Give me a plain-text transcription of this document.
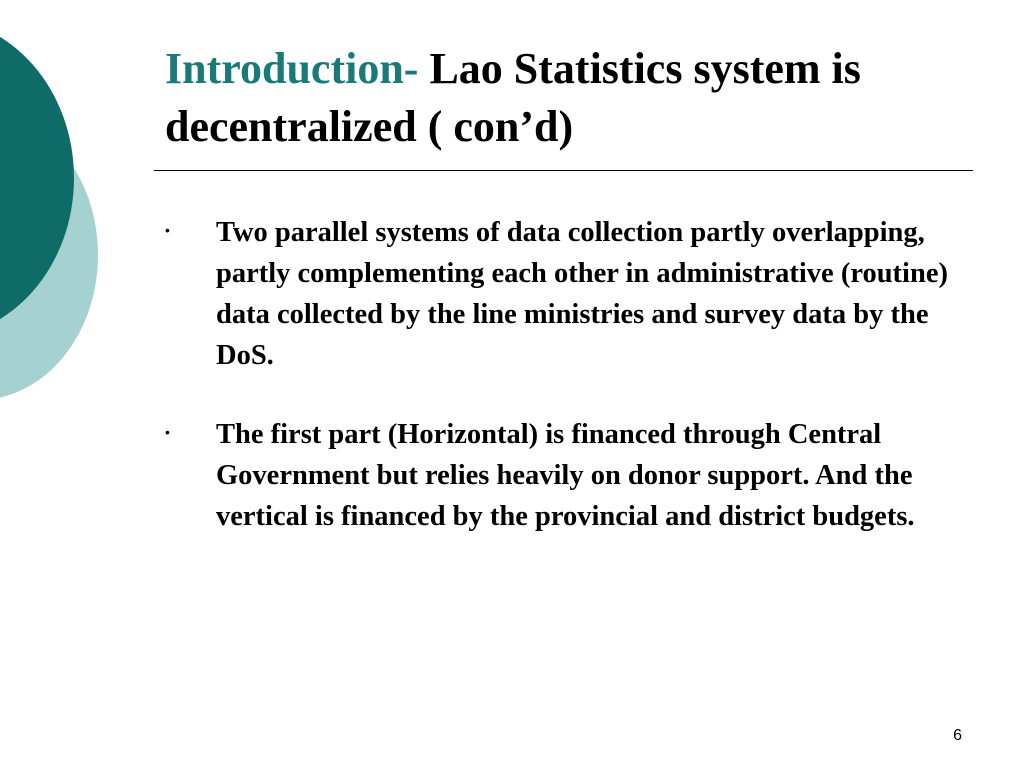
Introduction- Lao Statistics system is decentralized ( con’d)
• Two parallel systems of data collection partly overlapping, partly complementing each other in administrative (routine) data collected by the line ministries and survey data by the DoS.
• The first part (Horizontal) is financed through Central Government but relies heavily on donor support. And the vertical is financed by the provincial and district budgets.
6
